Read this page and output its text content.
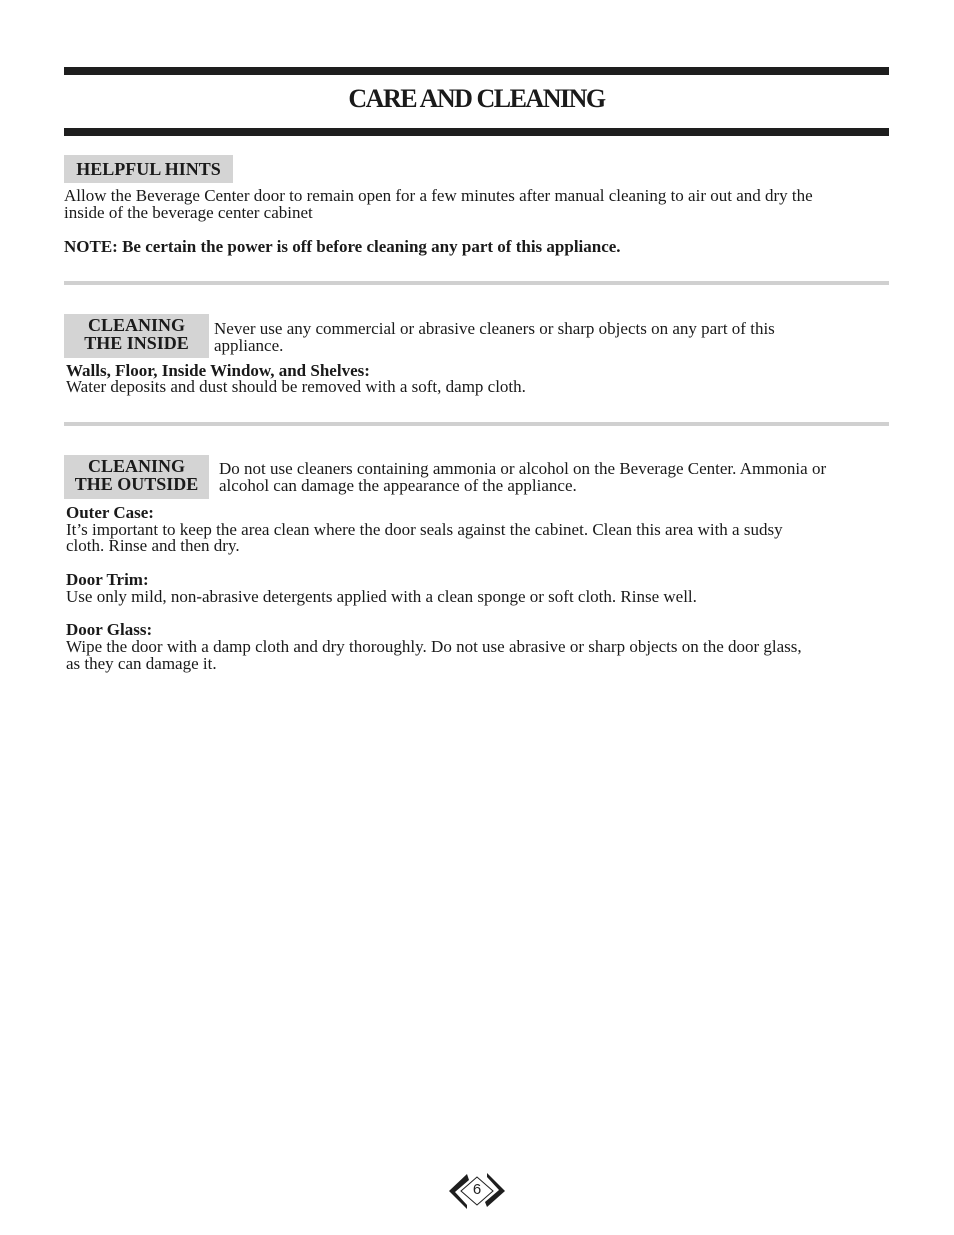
CARE AND CLEANING
HELPFUL HINTS

Allow the Beverage Center door to remain open for a few minutes after manual cleaning to air out and dry the

inside of the beverage center cabinet

NOTE: Be certain the power is off before cleaning any part of this appliance.

CLEANING
THE INSIDE

Never use any commercial or abrasive cleaners or sharp objects on any part of this

appliance.

Walls, Floor, Inside Window, and Shelves:

Water deposits and dust should be removed with a soft, damp cloth.

CLEANING
THE OUTSIDE

Do not use cleaners containing ammonia or alcohol on the Beverage Center. Ammonia or

alcohol can damage the appearance of the appliance.

Outer Case:

It’s important to keep the area clean where the door seals against the cabinet. Clean this area with a sudsy

cloth. Rinse and then dry.

Door Trim:

Use only mild, non-abrasive detergents applied with a clean sponge or soft cloth. Rinse well.

Door Glass:

Wipe the door with a damp cloth and dry thoroughly. Do not use abrasive or sharp objects on the door glass,

as they can damage it.

6
